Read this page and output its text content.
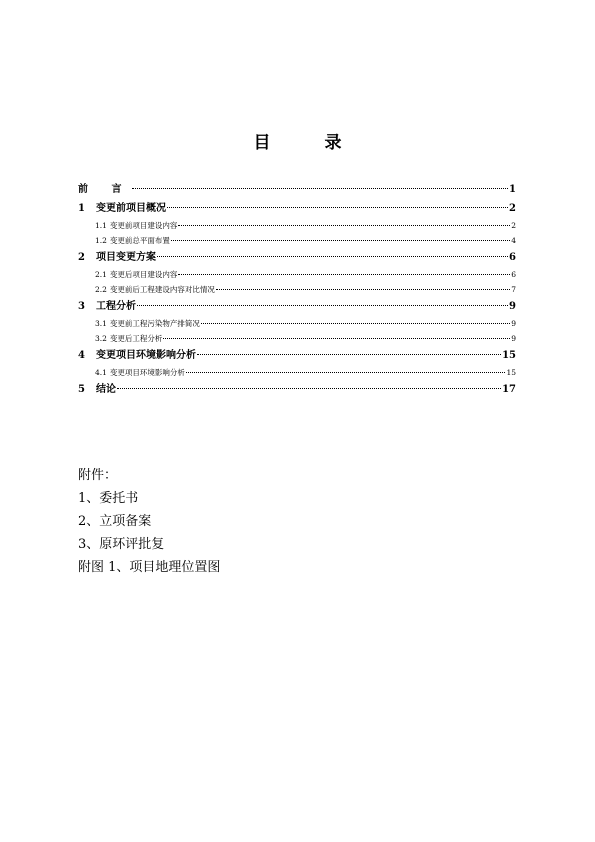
目 录
前 言	1
1	变更前项目概况	2
1.1 变更前项目建设内容	2
1.2 变更前总平面布置	4
2	项目变更方案	6
2.1 变更后项目建设内容	6
2.2 变更前后工程建设内容对比情况	7
3	工程分析	9
3.1 变更前工程污染物产排简况	9
3.2 变更后工程分析	9
4	变更项目环境影响分析	15
4.1 变更项目环境影响分析	15
5	结论	17
附件：
1、委托书
2、立项备案
3、原环评批复
附图 1、项目地理位置图
